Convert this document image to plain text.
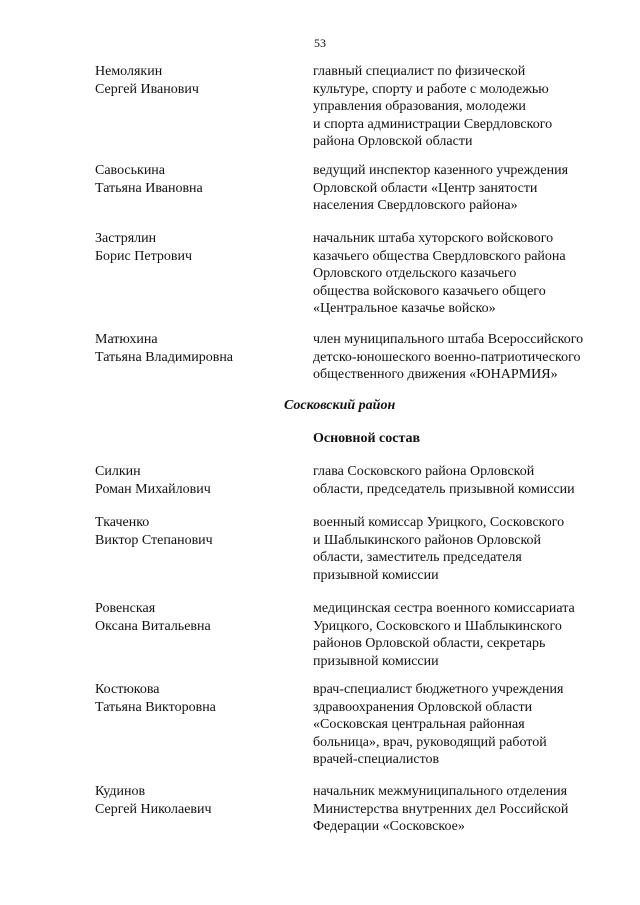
53
Немолякин
Сергей Иванович
главный специалист по физической
культуре, спорту и работе с молодежью
управления образования, молодежи
и спорта администрации Свердловского
района Орловской области
Савоськина
Татьяна Ивановна
ведущий инспектор казенного учреждения
Орловской области «Центр занятости
населения Свердловского района»
Застрялин
Борис Петрович
начальник штаба хуторского войскового
казачьего общества Свердловского района
Орловского отдельского казачьего
общества войскового казачьего общего
«Центральное казачье войско»
Матюхина
Татьяна Владимировна
член муниципального штаба Всероссийского
детско-юношеского военно-патриотического
общественного движения «ЮНАРМИЯ»
Сосковский район
Основной состав
Силкин
Роман Михайлович
глава Сосковского района Орловской
области, председатель призывной комиссии
Ткаченко
Виктор Степанович
военный комиссар Урицкого, Сосковского
и Шаблыкинского районов Орловской
области, заместитель председателя
призывной комиссии
Ровенская
Оксана Витальевна
медицинская сестра военного комиссариата
Урицкого, Сосковского и Шаблыкинского
районов Орловской области, секретарь
призывной комиссии
Костюкова
Татьяна Викторовна
врач-специалист бюджетного учреждения
здравоохранения Орловской области
«Сосковская центральная районная
больница», врач, руководящий работой
врачей-специалистов
Кудинов
Сергей Николаевич
начальник межмуниципального отделения
Министерства внутренних дел Российской
Федерации «Сосковское»
